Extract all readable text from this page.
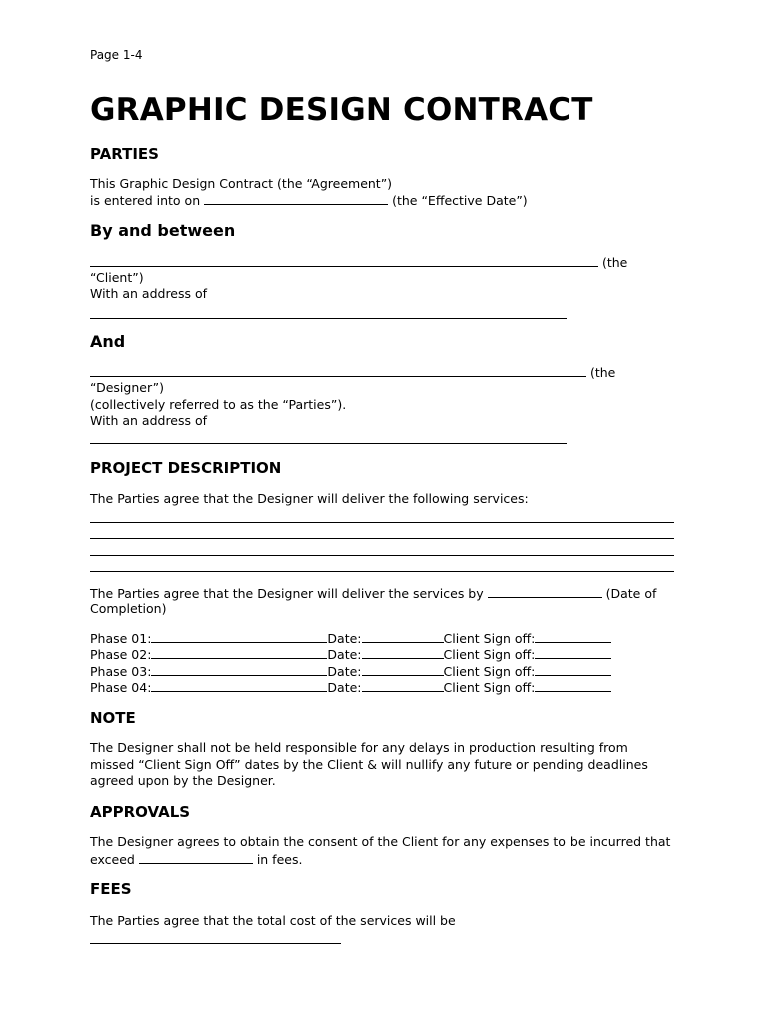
Page 1-4
GRAPHIC DESIGN CONTRACT
PARTIES
This Graphic Design Contract (the “Agreement”)
is entered into on	(the “Effective Date”)
By and between
(the
“Client”)
With an address of
And
(the
“Designer”)
(collectively referred to as the “Parties”).
With an address of
PROJECT DESCRIPTION
The Parties agree that the Designer will deliver the following services:
The Parties agree that the Designer will deliver the services by	(Date of
Completion)
Phase 01:	Date:	Client Sign off:
Phase 02:	Date:	Client Sign off:
Phase 03:	Date:	Client Sign off:
Phase 04:	Date:	Client Sign off:
NOTE
The Designer shall not be held responsible for any delays in production resulting from
missed “Client Sign Off” dates by the Client & will nullify any future or pending deadlines
agreed upon by the Designer.
APPROVALS
The Designer agrees to obtain the consent of the Client for any expenses to be incurred that
exceed	in fees.
FEES
The Parties agree that the total cost of the services will be
